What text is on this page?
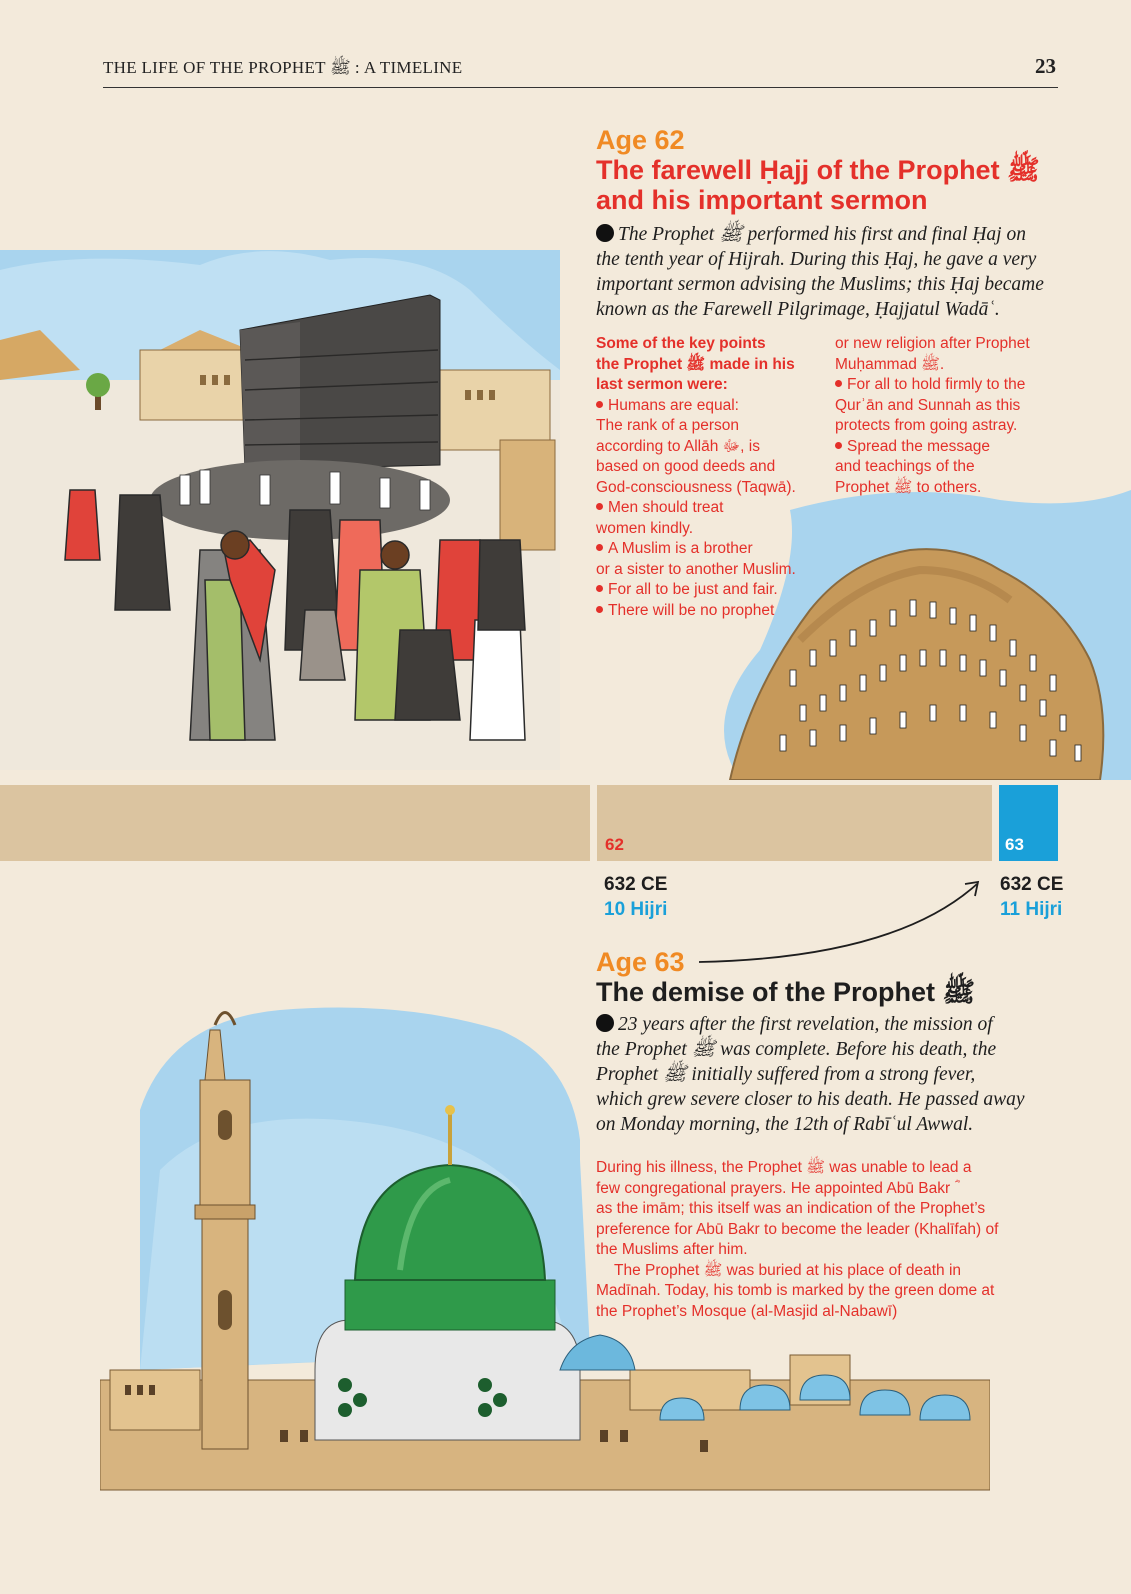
THE LIFE OF THE PROPHET ﷺ : A TIMELINE	23
Age 62
The farewell Ḥajj of the Prophet ﷺ
and his important sermon
The Prophet ﷺ performed his first and final Ḥaj on
the tenth year of Hijrah. During this Ḥaj, he gave a very
important sermon advising the Muslims; this Ḥaj became
known as the Farewell Pilgrimage, Ḥajjatul Wadāʿ.
Some of the key points
the Prophet ﷺ made in his
last sermon were:
Humans are equal:
The rank of a person
according to Allāh ﷻ, is
based on good deeds and
God-consciousness (Taqwā).
Men should treat
women kindly.
A Muslim is a brother
or a sister to another Muslim.
For all to be just and fair.
There will be no prophet
or new religion after Prophet
Muḥammad ﷺ.
For all to hold firmly to the
Qurʾān and Sunnah as this
protects from going astray.
Spread the message
and teachings of the
Prophet ﷺ to others.
62	63
632 CE
10 Hijri
632 CE
11 Hijri
Age 63
The demise of the Prophet ﷺ
23 years after the first revelation, the mission of
the Prophet ﷺ was complete. Before his death, the
Prophet ﷺ initially suffered from a strong fever,
which grew severe closer to his death. He passed away
on Monday morning, the 12th of Rabīʿul Awwal.
During his illness, the Prophet ﷺ was unable to lead a
few congregational prayers. He appointed Abū Bakr ؓ
as the imām; this itself was an indication of the Prophet’s
preference for Abū Bakr to become the leader (Khalīfah) of
the Muslims after him.
The Prophet ﷺ was buried at his place of death in
Madīnah. Today, his tomb is marked by the green dome at
the Prophet’s Mosque (al-Masjid al-Nabawī)
